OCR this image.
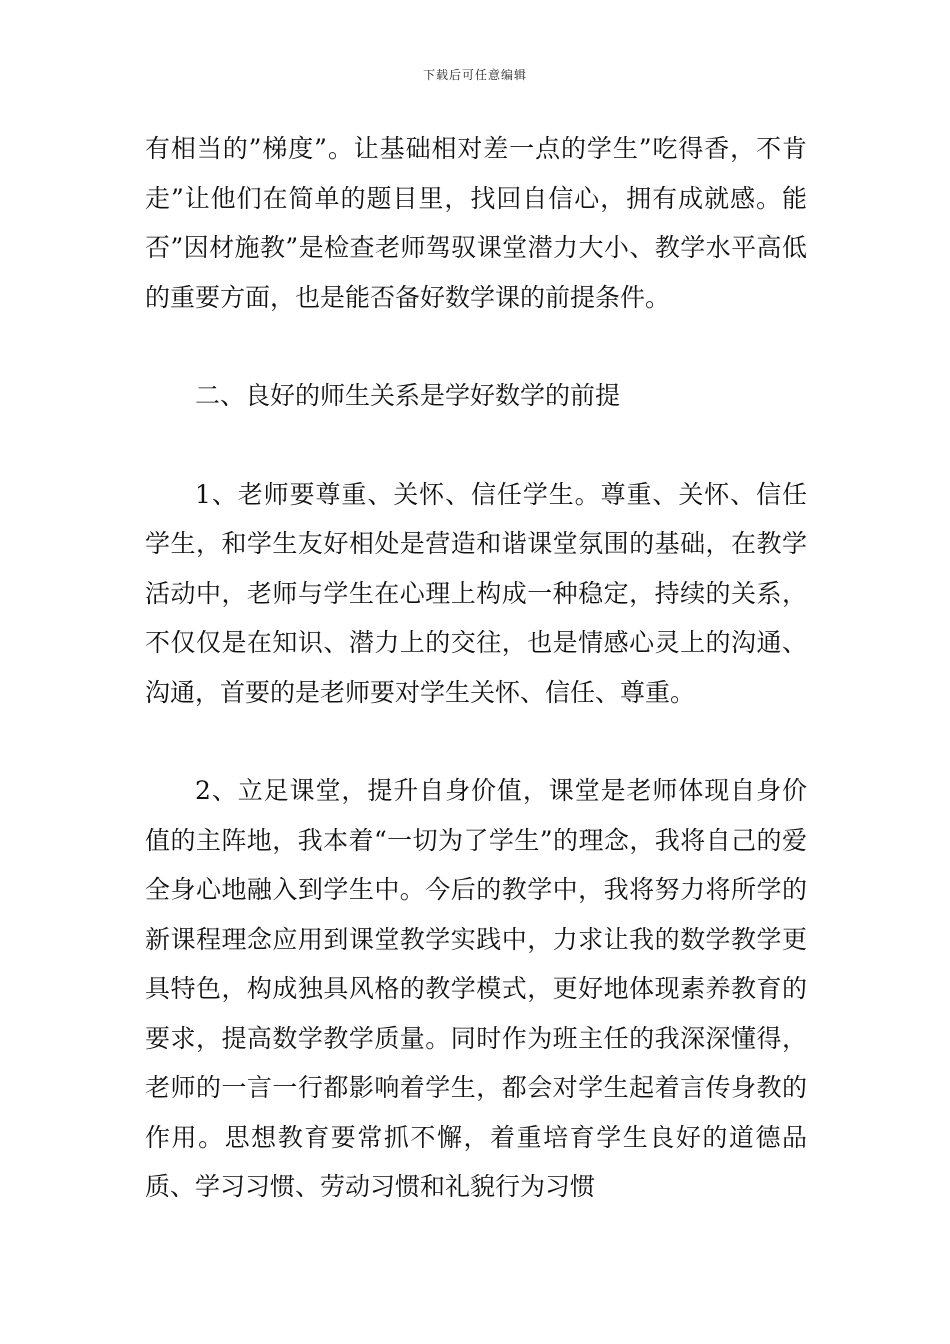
下载后可任意编辑

有相当的”梯度”。让基础相对差一点的学生”吃得香，不肯走”让他们在简单的题目里，找回自信心，拥有成就感。能否”因材施教”是检查老师驾驭课堂潜力大小、教学水平高低的重要方面，也是能否备好数学课的前提条件。

二、良好的师生关系是学好数学的前提

1、老师要尊重、关怀、信任学生。尊重、关怀、信任学生，和学生友好相处是营造和谐课堂氛围的基础，在教学活动中，老师与学生在心理上构成一种稳定，持续的关系，不仅仅是在知识、潜力上的交往，也是情感心灵上的沟通、沟通，首要的是老师要对学生关怀、信任、尊重。

2、立足课堂，提升自身价值，课堂是老师体现自身价值的主阵地，我本着“一切为了学生”的理念，我将自己的爱全身心地融入到学生中。今后的教学中，我将努力将所学的新课程理念应用到课堂教学实践中，力求让我的数学教学更具特色，构成独具风格的教学模式，更好地体现素养教育的要求，提高数学教学质量。同时作为班主任的我深深懂得，老师的一言一行都影响着学生，都会对学生起着言传身教的作用。思想教育要常抓不懈，着重培育学生良好的道德品质、学习习惯、劳动习惯和礼貌行为习惯
